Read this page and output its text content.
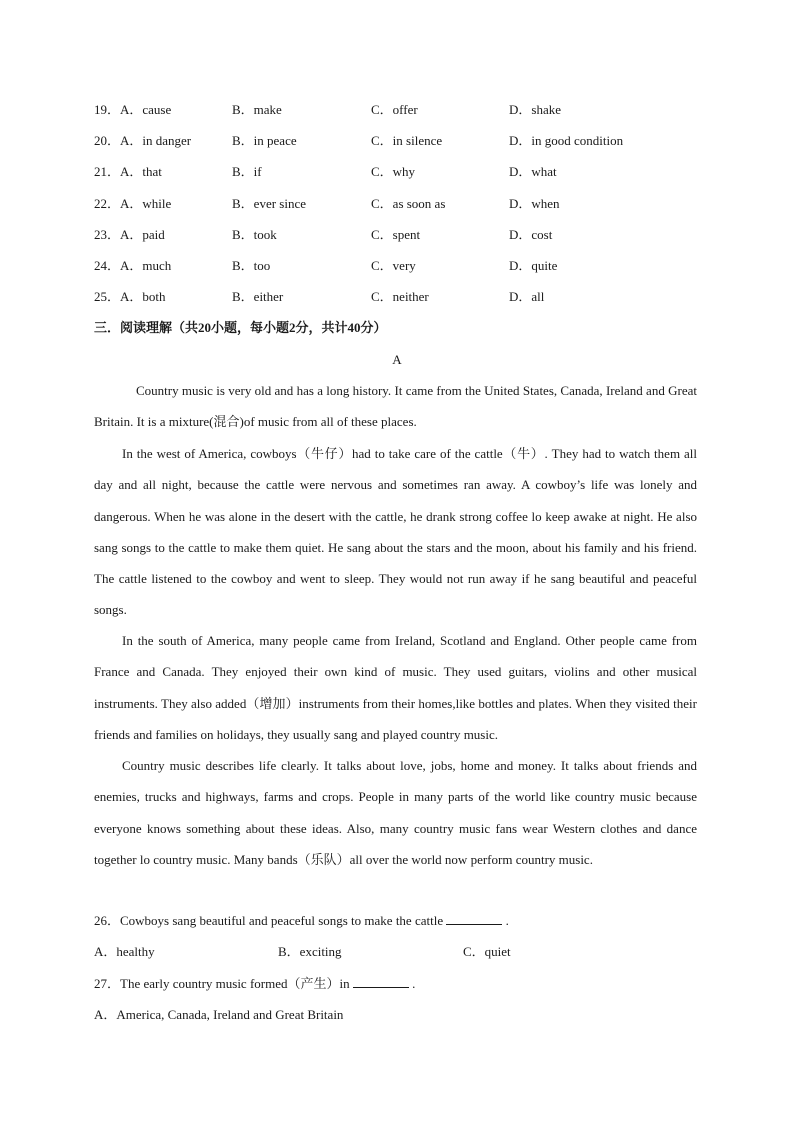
19． A．cause	B．make	C．offer	D．shake
20． A．in danger	B．in peace	C．in silence	D．in good condition
21． A．that	B．if	C．why	D．what
22． A．while	B．ever since	C．as soon as	D．when
23． A．paid	B．took	C．spent	D．cost
24． A．much	B．too	C．very	D．quite
25． A．both	B．either	C．neither	D．all
三．阅读理解（共20小题，每小题2分，共计40分）
A

Country music is very old and has a long history. It came from the United States, Canada, Ireland and Great Britain. It is a mixture(混合)of music from all of these places.

In the west of America, cowboys（牛仔）had to take care of the cattle（牛）. They had to watch them all day and all night, because the cattle were nervous and sometimes ran away. A cowboy’s life was lonely and dangerous. When he was alone in the desert with the cattle, he drank strong coffee lo keep awake at night. He also sang songs to the cattle to make them quiet. He sang about the stars and the moon, about his family and his friend. The cattle listened to the cowboy and went to sleep. They would not run away if he sang beautiful and peaceful songs.

In the south of America, many people came from Ireland, Scotland and England. Other people came from France and Canada. They enjoyed their own kind of music. They used guitars, violins and other musical instruments. They also added（增加）instruments from their homes,like bottles and plates. When they visited their friends and families on holidays, they usually sang and played country music.

Country music describes life clearly. It talks about love, jobs, home and money. It talks about friends and enemies, trucks and highways, farms and crops. People in many parts of the world like country music because everyone knows something about these ideas. Also, many country music fans wear Western clothes and dance together lo country music. Many bands（乐队）all over the world now perform country music.

26．Cowboys sang beautiful and peaceful songs to make the cattle	.
A．healthy	B．exciting	C．quiet
27．The early country music formed（产生）in	.
A．America, Canada, Ireland and Great Britain
